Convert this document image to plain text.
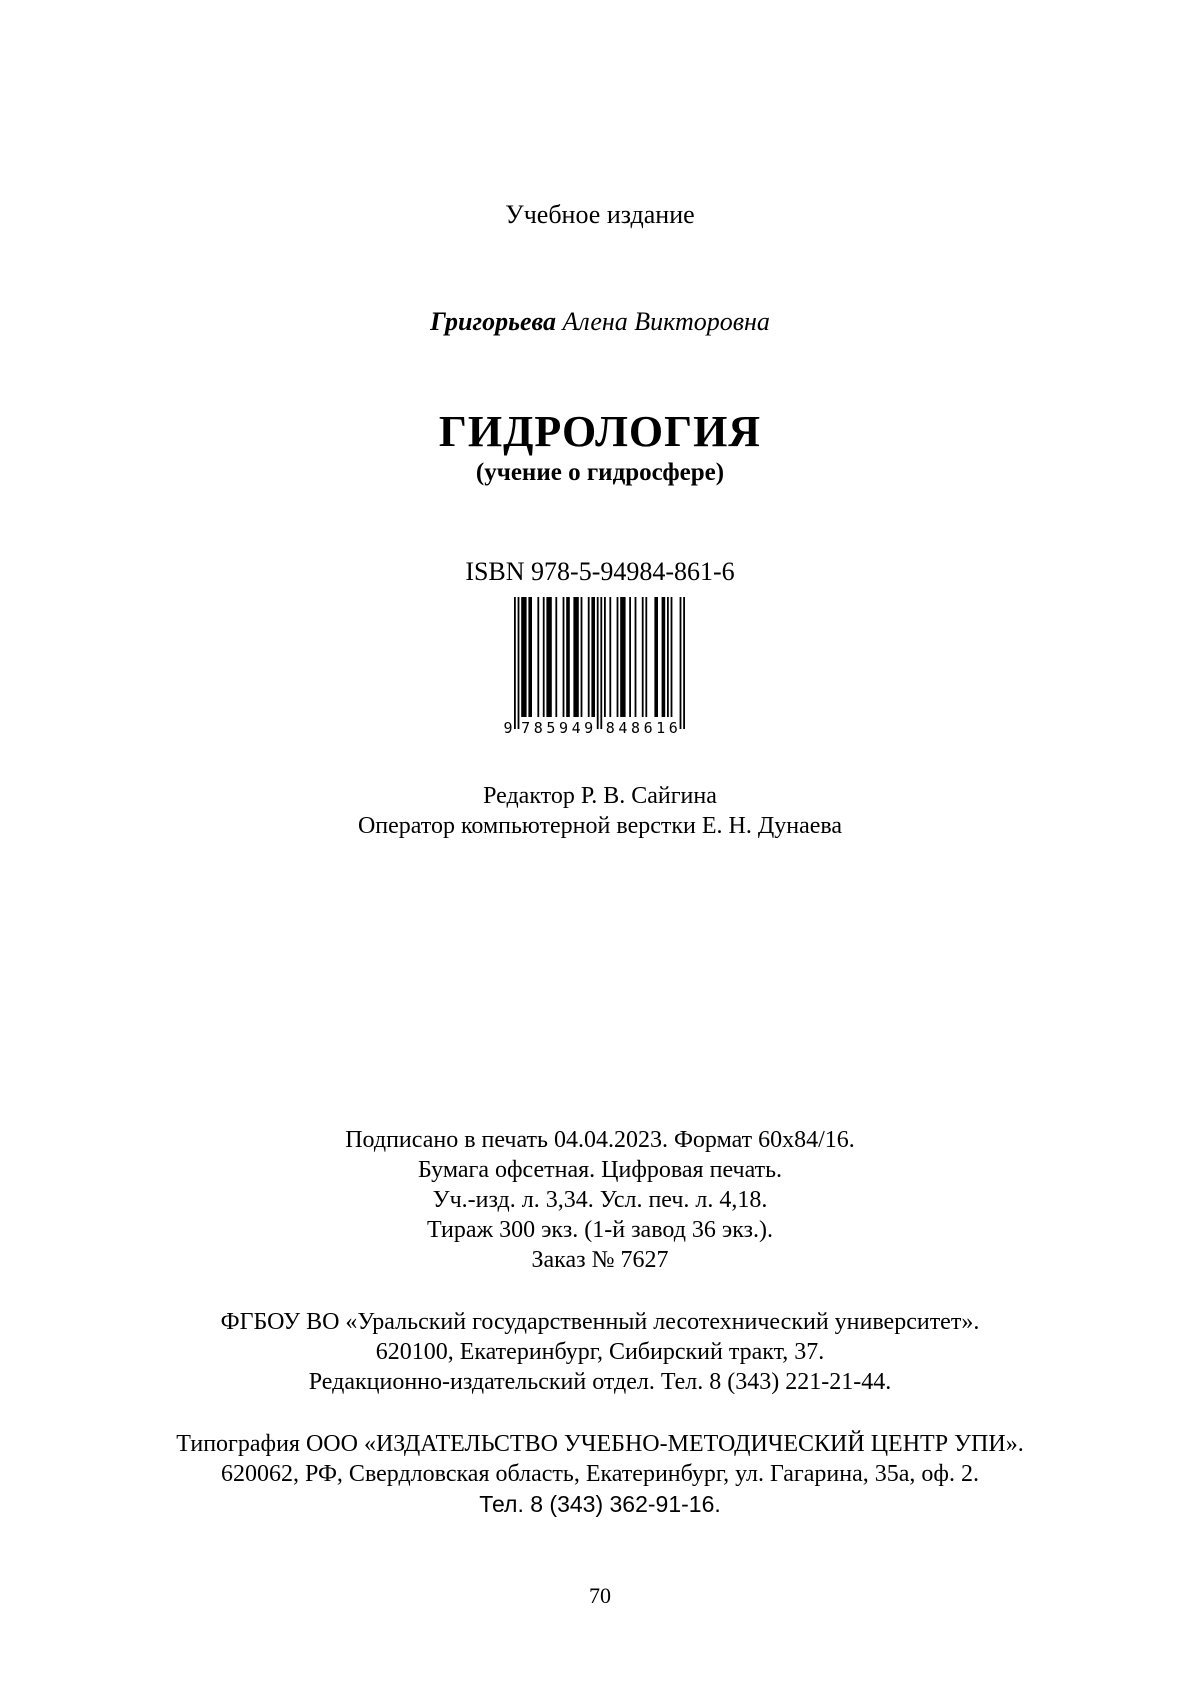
Учебное издание
Григорьева Алена Викторовна
ГИДРОЛОГИЯ
(учение о гидросфере)
ISBN 978-5-94984-861-6
9 7 8 5 9 4 9 8 4 8 6 1 6
Редактор Р. В. Сайгина
Оператор компьютерной верстки Е. Н. Дунаева
Подписано в печать 04.04.2023. Формат 60х84/16.
Бумага офсетная. Цифровая печать.
Уч.-изд. л. 3,34. Усл. печ. л. 4,18.
Тираж 300 экз. (1-й завод 36 экз.).
Заказ № 7627
ФГБОУ ВО «Уральский государственный лесотехнический университет».
620100, Екатеринбург, Сибирский тракт, 37.
Редакционно-издательский отдел. Тел. 8 (343) 221-21-44.
Типография ООО «ИЗДАТЕЛЬСТВО УЧЕБНО-МЕТОДИЧЕСКИЙ ЦЕНТР УПИ».
620062, РФ, Свердловская область, Екатеринбург, ул. Гагарина, 35а, оф. 2.
Тел. 8 (343) 362-91-16.
70
